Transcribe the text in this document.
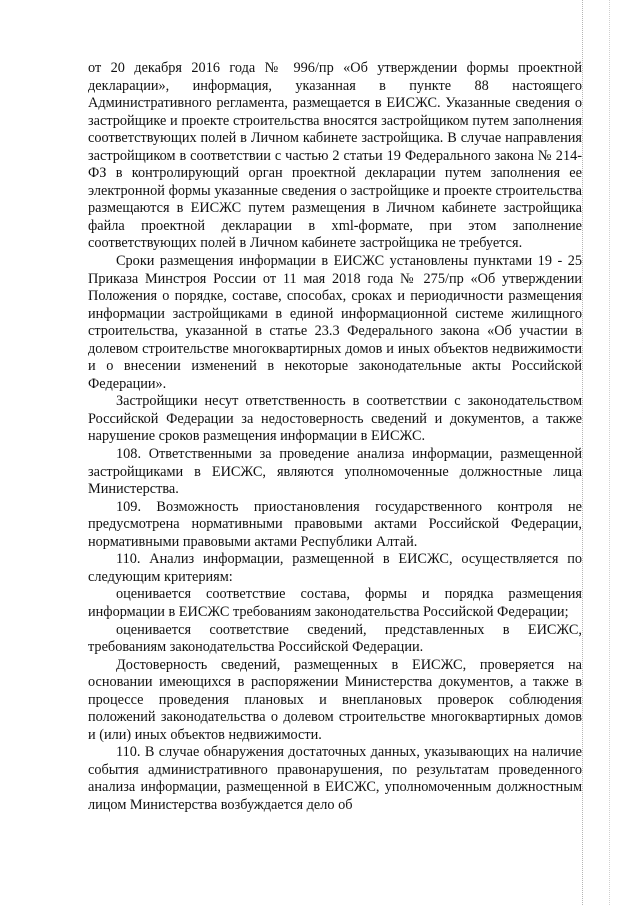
от 20 декабря 2016 года № 996/пр «Об утверждении формы проектной декларации», информация, указанная в пункте 88 настоящего Административного регламента, размещается в ЕИСЖС. Указанные сведения о застройщике и проекте строительства вносятся застройщиком путем заполнения соответствующих полей в Личном кабинете застройщика. В случае направления застройщиком в соответствии с частью 2 статьи 19 Федерального закона № 214-ФЗ в контролирующий орган проектной декларации путем заполнения ее электронной формы указанные сведения о застройщике и проекте строительства размещаются в ЕИСЖС путем размещения в Личном кабинете застройщика файла проектной декларации в xml-формате, при этом заполнение соответствующих полей в Личном кабинете застройщика не требуется.

Сроки размещения информации в ЕИСЖС установлены пунктами 19 - 25 Приказа Минстроя России от 11 мая 2018 года № 275/пр «Об утверждении Положения о порядке, составе, способах, сроках и периодичности размещения информации застройщиками в единой информационной системе жилищного строительства, указанной в статье 23.3 Федерального закона «Об участии в долевом строительстве многоквартирных домов и иных объектов недвижимости и о внесении изменений в некоторые законодательные акты Российской Федерации».

Застройщики несут ответственность в соответствии с законодательством Российской Федерации за недостоверность сведений и документов, а также нарушение сроков размещения информации в ЕИСЖС.

108. Ответственными за проведение анализа информации, размещенной застройщиками в ЕИСЖС, являются уполномоченные должностные лица Министерства.

109. Возможность приостановления государственного контроля не предусмотрена нормативными правовыми актами Российской Федерации, нормативными правовыми актами Республики Алтай.

110. Анализ информации, размещенной в ЕИСЖС, осуществляется по следующим критериям:

оценивается соответствие состава, формы и порядка размещения информации в ЕИСЖС требованиям законодательства Российской Федерации;

оценивается соответствие сведений, представленных в ЕИСЖС, требованиям законодательства Российской Федерации.

Достоверность сведений, размещенных в ЕИСЖС, проверяется на основании имеющихся в распоряжении Министерства документов, а также в процессе проведения плановых и внеплановых проверок соблюдения положений законодательства о долевом строительстве многоквартирных домов и (или) иных объектов недвижимости.

110. В случае обнаружения достаточных данных, указывающих на наличие события административного правонарушения, по результатам проведенного анализа информации, размещенной в ЕИСЖС, уполномоченным должностным лицом Министерства возбуждается дело об
